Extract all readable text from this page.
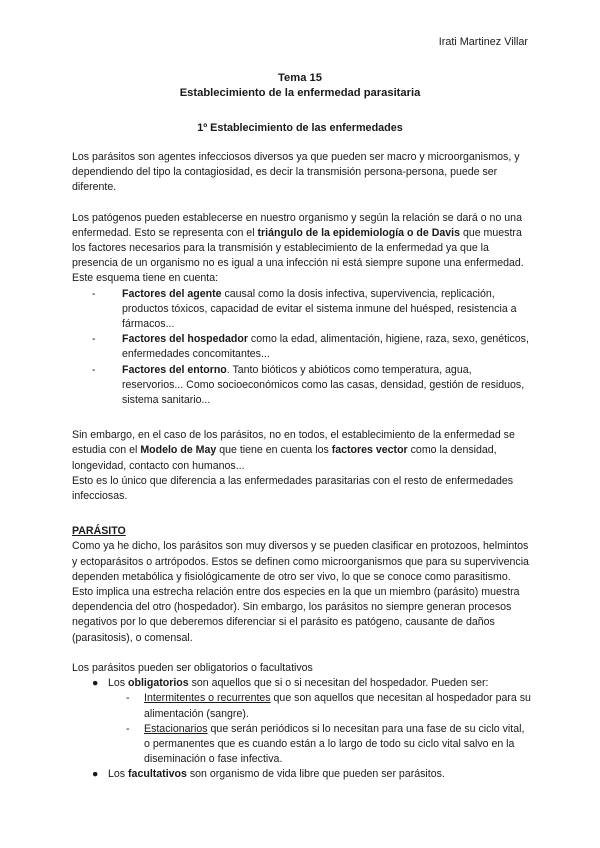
Irati Martinez Villar
Tema 15
Establecimiento de la enfermedad parasitaria
1º Establecimiento de las enfermedades

Los parásitos son agentes infecciosos diversos ya que pueden ser macro y microorganismos, y dependiendo del tipo la contagiosidad, es decir la transmisión persona-persona, puede ser diferente.

Los patógenos pueden establecerse en nuestro organismo y según la relación se dará o no una enfermedad. Esto se representa con el triángulo de la epidemiología o de Davis que muestra los factores necesarios para la transmisión y establecimiento de la enfermedad ya que la presencia de un organismo no es igual a una infección ni está siempre supone una enfermedad.

Este esquema tiene en cuenta:

- Factores del agente causal como la dosis infectiva, supervivencia, replicación, productos tóxicos, capacidad de evitar el sistema inmune del huésped, resistencia a fármacos...
- Factores del hospedador como la edad, alimentación, higiene, raza, sexo, genéticos, enfermedades concomitantes...
- Factores del entorno. Tanto bióticos y abióticos como temperatura, agua, reservorios... Como socioeconómicos como las casas, densidad, gestión de residuos, sistema sanitario...

Sin embargo, en el caso de los parásitos, no en todos, el establecimiento de la enfermedad se estudia con el Modelo de May que tiene en cuenta los factores vector como la densidad, longevidad, contacto con humanos...

Esto es lo único que diferencia a las enfermedades parasitarias con el resto de enfermedades infecciosas.

PARÁSITO

Como ya he dicho, los parásitos son muy diversos y se pueden clasificar en protozoos, helmintos y ectoparásitos o artrópodos. Estos se definen como microorganismos que para su supervivencia dependen metabólica y fisiológicamente de otro ser vivo, lo que se conoce como parasitismo. Esto implica una estrecha relación entre dos especies en la que un miembro (parásito) muestra dependencia del otro (hospedador). Sin embargo, los parásitos no siempre generan procesos negativos por lo que deberemos diferenciar si el parásito es patógeno, causante de daños (parasitosis), o comensal.

Los parásitos pueden ser obligatorios o facultativos

● Los obligatorios son aquellos que si o si necesitan del hospedador. Pueden ser:
- Intermitentes o recurrentes que son aquellos que necesitan al hospedador para su alimentación (sangre).
- Estacionarios que serán periódicos si lo necesitan para una fase de su ciclo vital, o permanentes que es cuando están a lo largo de todo su ciclo vital salvo en la diseminación o fase infectiva.
● Los facultativos son organismo de vida libre que pueden ser parásitos.
